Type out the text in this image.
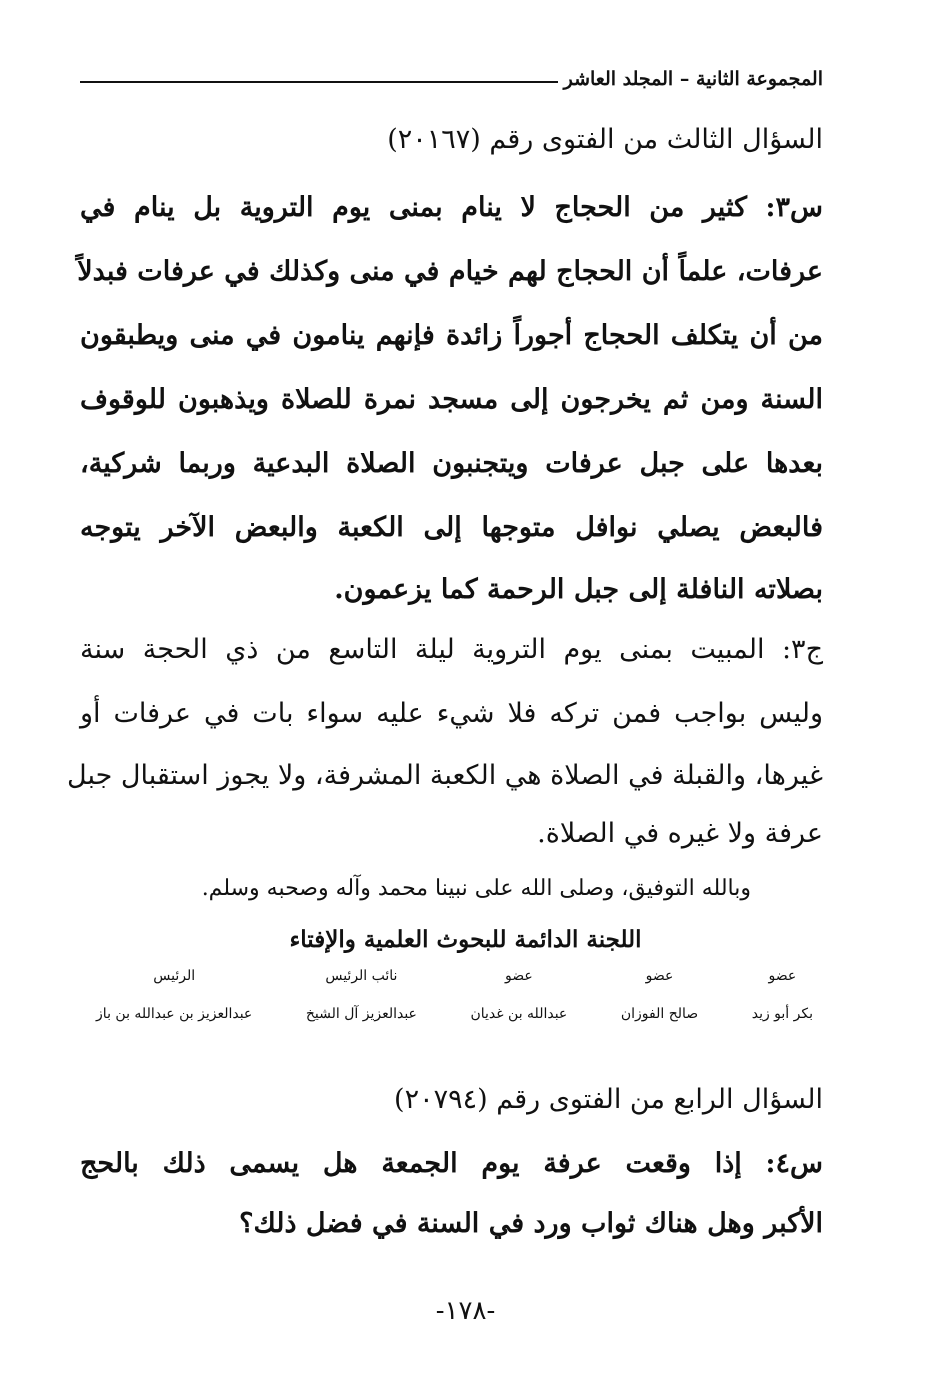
المجموعة الثانية – المجلد العاشر
السؤال الثالث من الفتوى رقم (٢٠١٦٧)
س٣: كثير من الحجاج لا ينام بمنى يوم التروية بل ينام في
عرفات، علماً أن الحجاج لهم خيام في منى وكذلك في عرفات فبدلاً
من أن يتكلف الحجاج أجوراً زائدة فإنهم ينامون في منى ويطبقون
السنة ومن ثم يخرجون إلى مسجد نمرة للصلاة ويذهبون للوقوف
بعدها على جبل عرفات ويتجنبون الصلاة البدعية وربما شركية،
فالبعض يصلي نوافل متوجها إلى الكعبة والبعض الآخر يتوجه
بصلاته النافلة إلى جبل الرحمة كما يزعمون.
ج٣: المبيت بمنى يوم التروية ليلة التاسع من ذي الحجة سنة
وليس بواجب فمن تركه فلا شيء عليه سواء بات في عرفات أو
غيرها، والقبلة في الصلاة هي الكعبة المشرفة، ولا يجوز استقبال جبل
عرفة ولا غيره في الصلاة.
وبالله التوفيق، وصلى الله على نبينا محمد وآله وصحبه وسلم.
اللجنة الدائمة للبحوث العلمية والإفتاء
عضو
بكر أبو زيد
عضو
صالح الفوزان
عضو
عبدالله بن غديان
نائب الرئيس
عبدالعزيز آل الشيخ
الرئيس
عبدالعزيز بن عبدالله بن باز
السؤال الرابع من الفتوى رقم (٢٠٧٩٤)
س٤: إذا وقعت عرفة يوم الجمعة هل يسمى ذلك بالحج
الأكبر وهل هناك ثواب ورد في السنة في فضل ذلك؟
-١٧٨-
